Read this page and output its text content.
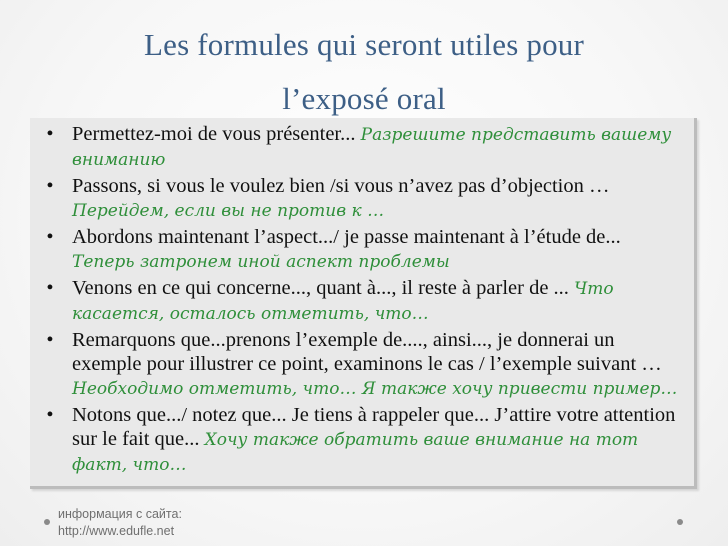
Les formules qui seront utiles pour
l’exposé oral
• Permettez-moi de vous présenter... Разрешите представить вашему вниманию
• Passons, si vous le voulez bien /si vous n’avez pas d’objection … Перейдем, если вы не против к …
• Abordons maintenant l’aspect.../ je passe maintenant à l’étude de... Теперь затронем иной аспект проблемы
• Venons en ce qui concerne..., quant à..., il reste à parler de ... Что касается, осталось отметить, что…
• Remarquons que...prenons l’exemple de...., ainsi..., je donnerai un exemple pour illustrer ce point, examinons le cas / l’exemple suivant … Необходимо отметить, что… Я также хочу привести пример…
• Notons que.../ notez que... Je tiens à rappeler que... J’attire votre attention sur le fait que... Хочу также обратить ваше внимание на тот факт, что…
информация с сайта:
http://www.edufle.net
